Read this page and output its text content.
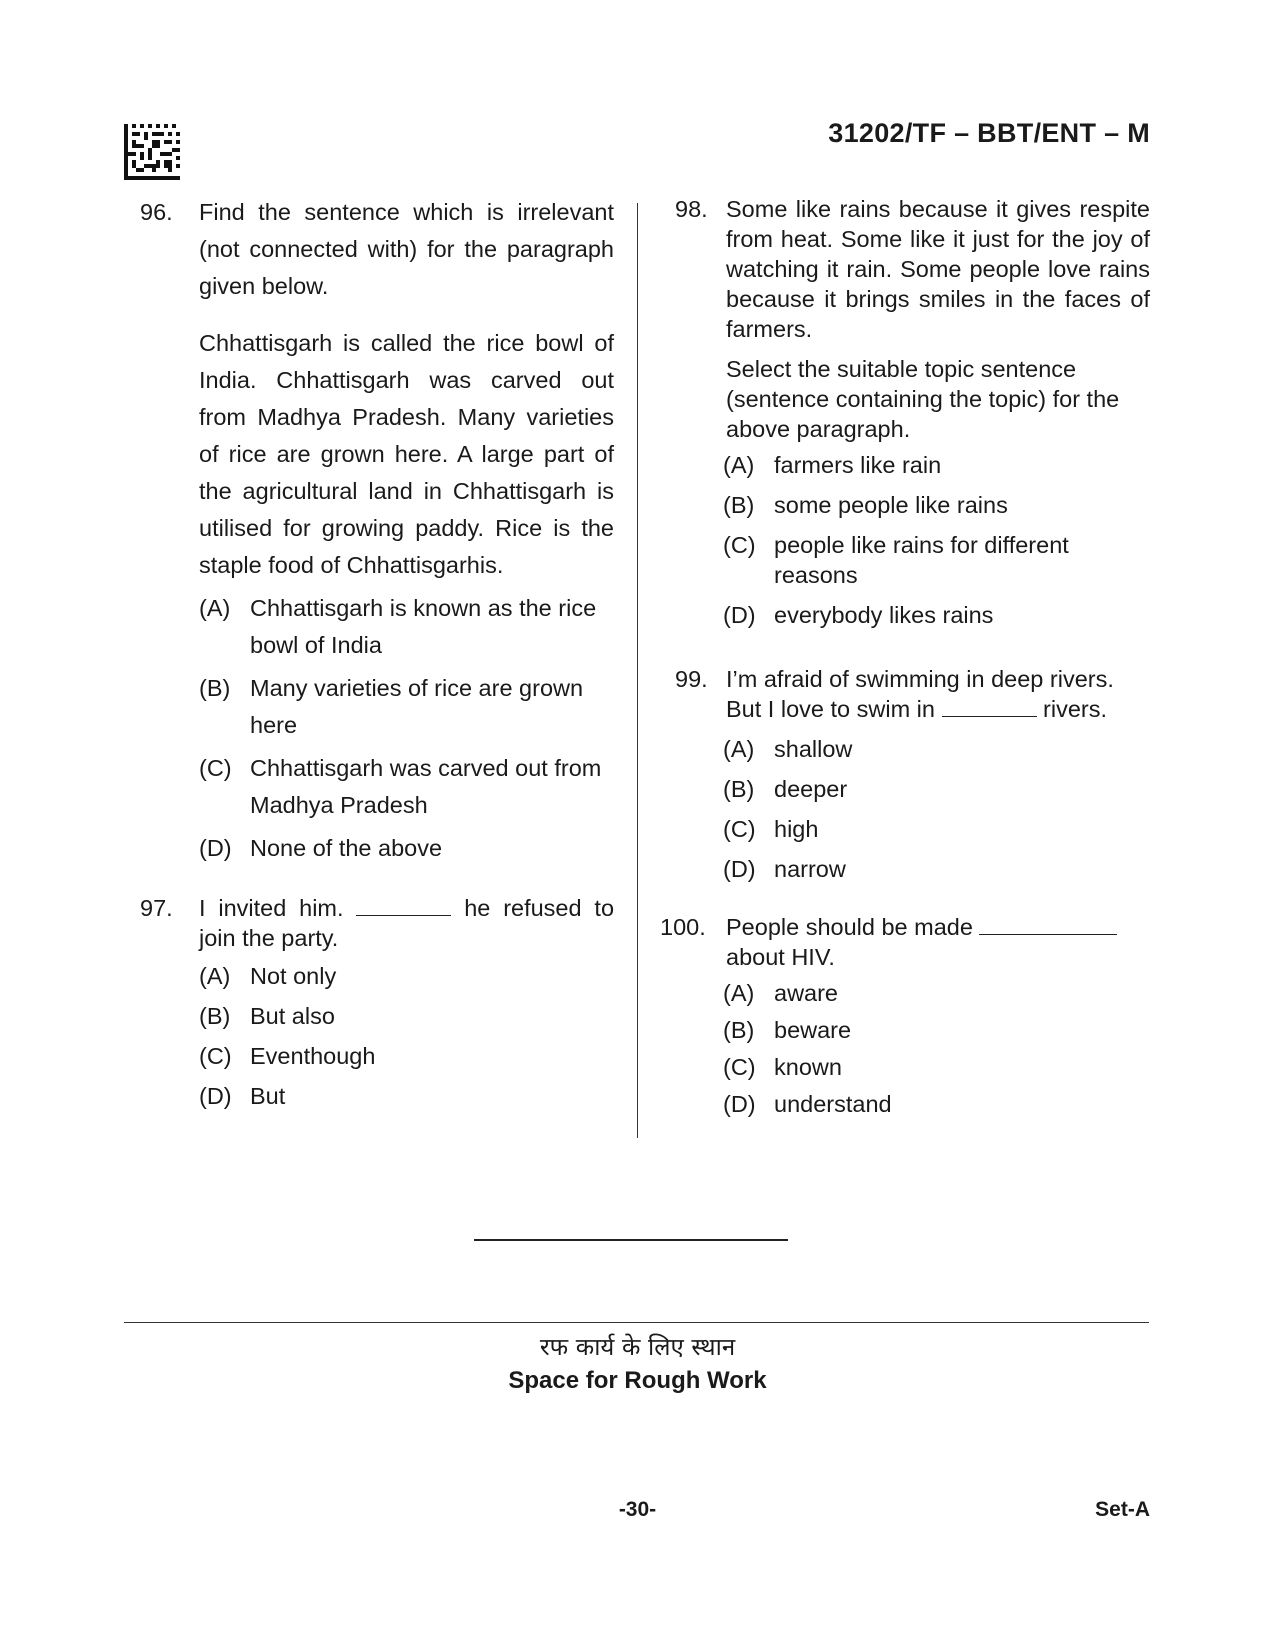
31202/TF – BBT/ENT – M
96. Find the sentence which is irrelevant (not connected with) for the paragraph given below.
Chhattisgarh is called the rice bowl of India. Chhattisgarh was carved out from Madhya Pradesh. Many varieties of rice are grown here. A large part of the agricultural land in Chhattisgarh is utilised for growing paddy. Rice is the staple food of Chhattisgarhis.
(A) Chhattisgarh is known as the rice bowl of India
(B) Many varieties of rice are grown here
(C) Chhattisgarh was carved out from Madhya Pradesh
(D) None of the above
97. I invited him.	he refused to join the party.
(A) Not only
(B) But also
(C) Eventhough
(D) But
98. Some like rains because it gives respite from heat. Some like it just for the joy of watching it rain. Some people love rains because it brings smiles in the faces of farmers.
Select the suitable topic sentence (sentence containing the topic) for the above paragraph.
(A) farmers like rain
(B) some people like rains
(C) people like rains for different reasons
(D) everybody likes rains
99. I’m afraid of swimming in deep rivers. But I love to swim in	rivers.
(A) shallow
(B) deeper
(C) high
(D) narrow
100. People should be made  about HIV.
(A) aware
(B) beware
(C) known
(D) understand
रफ कार्य के लिए स्थान
Space for Rough Work
-30-	Set-A
